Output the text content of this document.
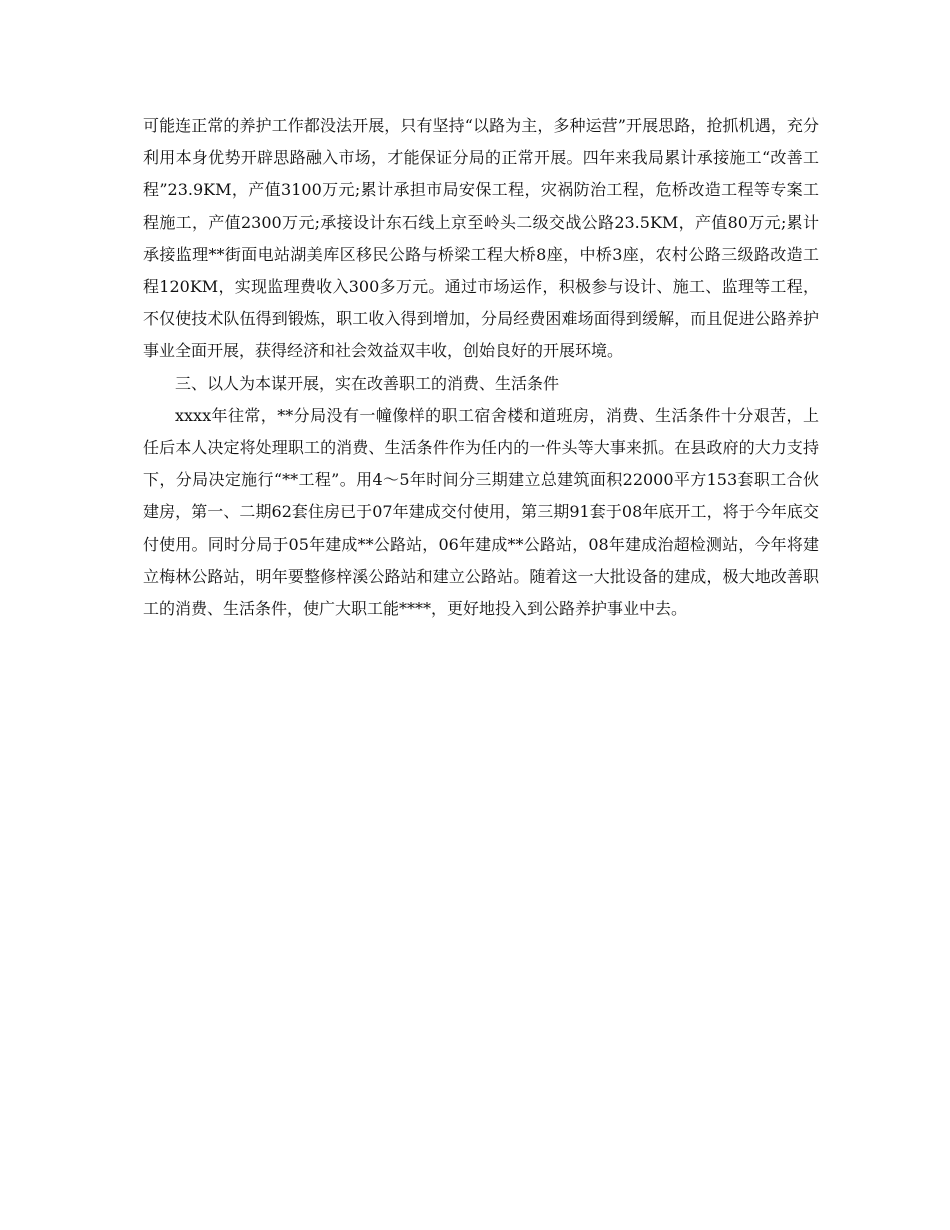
可能连正常的养护工作都没法开展，只有坚持“以路为主，多种运营”开展思路，抢抓机遇，充分利用本身优势开辟思路融入市场，才能保证分局的正常开展。四年来我局累计承接施工“改善工程”23.9KM，产值3100万元;累计承担市局安保工程，灾祸防治工程，危桥改造工程等专案工程施工，产值2300万元;承接设计东石线上京至岭头二级交战公路23.5KM，产值80万元;累计承接监理**街面电站湖美库区移民公路与桥梁工程大桥8座，中桥3座，农村公路三级路改造工程120KM，实现监理费收入300多万元。通过市场运作，积极参与设计、施工、监理等工程，不仅使技术队伍得到锻炼，职工收入得到增加，分局经费困难场面得到缓解，而且促进公路养护事业全面开展，获得经济和社会效益双丰收，创始良好的开展环境。

三、以人为本谋开展，实在改善职工的消费、生活条件

xxxx年往常，**分局没有一幢像样的职工宿舍楼和道班房，消费、生活条件十分艰苦，上任后本人决定将处理职工的消费、生活条件作为任内的一件头等大事来抓。在县政府的大力支持下，分局决定施行“**工程”。用4～5年时间分三期建立总建筑面积22000平方153套职工合伙建房，第一、二期62套住房已于07年建成交付使用，第三期91套于08年底开工，将于今年底交付使用。同时分局于05年建成**公路站，06年建成**公路站，08年建成治超检测站，今年将建立梅林公路站，明年要整修梓溪公路站和建立公路站。随着这一大批设备的建成，极大地改善职工的消费、生活条件，使广大职工能****，更好地投入到公路养护事业中去。
